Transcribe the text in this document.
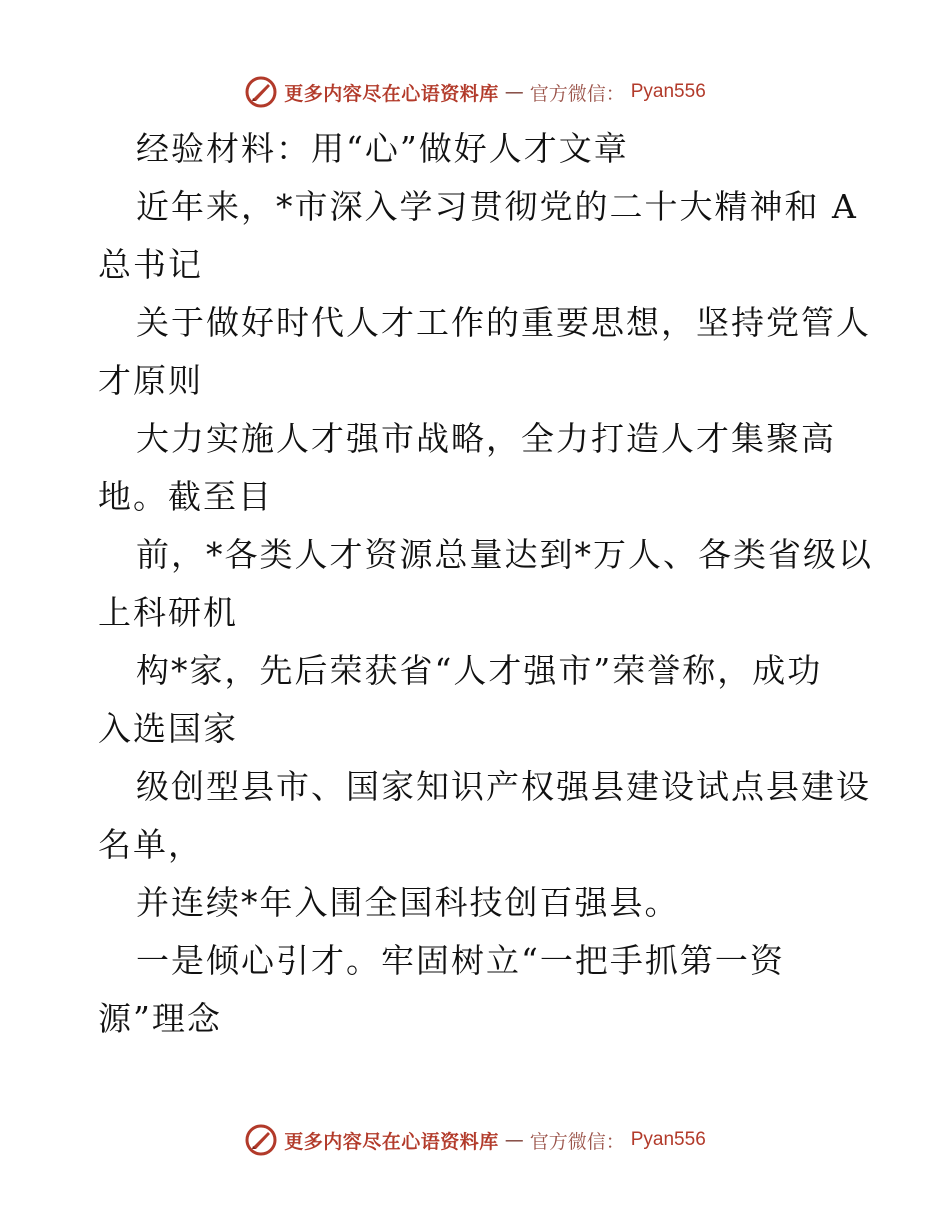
更多内容尽在心语资料库 — 官方微信： Pyan556
经验材料：用“心”做好人才文章
近年来，*市深入学习贯彻党的二十大精神和 A
总书记
关于做好时代人才工作的重要思想，坚持党管人
才原则
大力实施人才强市战略，全力打造人才集聚高
地。截至目
前，*各类人才资源总量达到*万人、各类省级以
上科研机
构*家，先后荣获省“人才强市”荣誉称，成功
入选国家
级创型县市、国家知识产权强县建设试点县建设
名单，
并连续*年入围全国科技创百强县。
一是倾心引才。牢固树立“一把手抓第一资
源”理念
更多内容尽在心语资料库 — 官方微信： Pyan556
